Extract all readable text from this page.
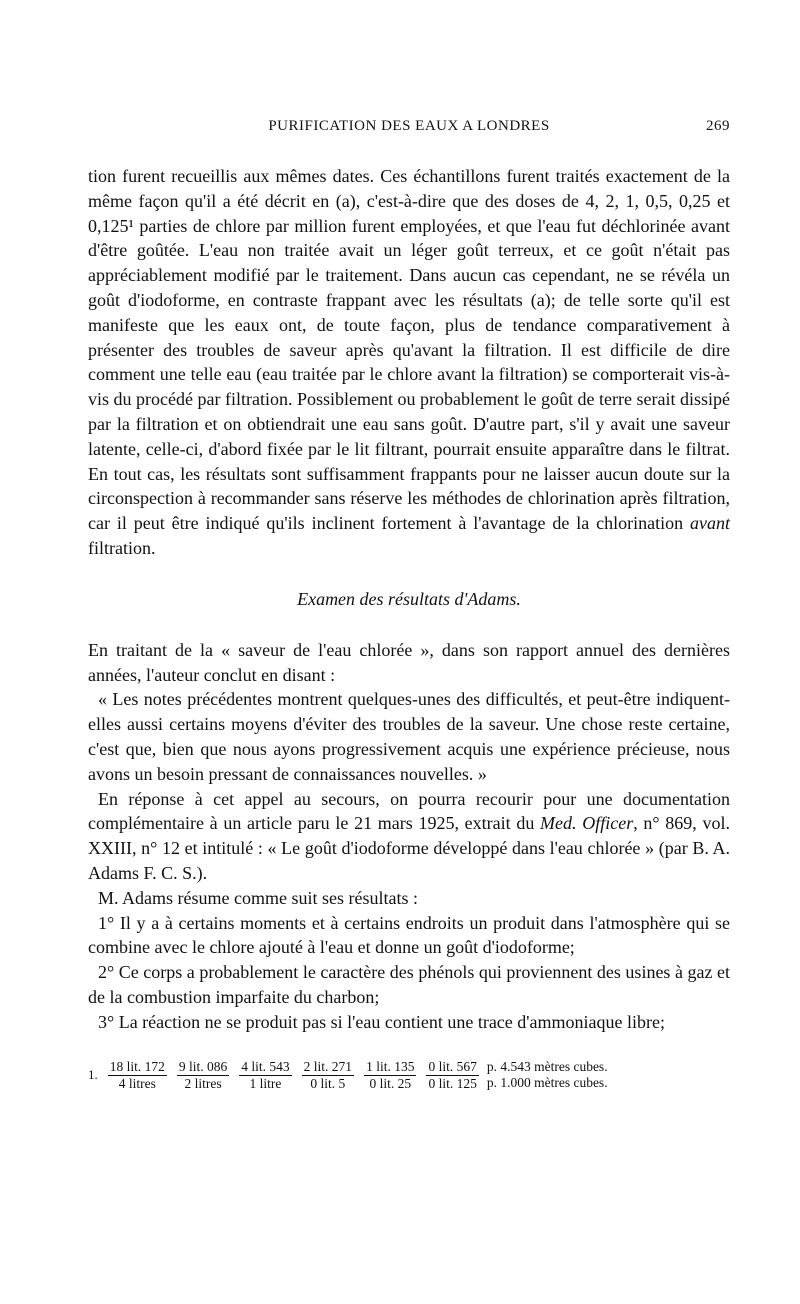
PURIFICATION DES EAUX A LONDRES	269

tion furent recueillis aux mêmes dates. Ces échantillons furent traités exactement de la même façon qu'il a été décrit en (a), c'est-à-dire que des doses de 4, 2, 1, 0,5, 0,25 et 0,125¹ parties de chlore par million furent employées, et que l'eau fut déchlorinée avant d'être goûtée. L'eau non traitée avait un léger goût terreux, et ce goût n'était pas appréciablement modifié par le traitement. Dans aucun cas cependant, ne se révéla un goût d'iodoforme, en contraste frappant avec les résultats (a); de telle sorte qu'il est manifeste que les eaux ont, de toute façon, plus de tendance comparativement à présenter des troubles de saveur après qu'avant la filtration. Il est difficile de dire comment une telle eau (eau traitée par le chlore avant la filtration) se comporterait vis-à-vis du procédé par filtration. Possiblement ou probablement le goût de terre serait dissipé par la filtration et on obtiendrait une eau sans goût. D'autre part, s'il y avait une saveur latente, celle-ci, d'abord fixée par le lit filtrant, pourrait ensuite apparaître dans le filtrat. En tout cas, les résultats sont suffisamment frappants pour ne laisser aucun doute sur la circonspection à recommander sans réserve les méthodes de chlorination après filtration, car il peut être indiqué qu'ils inclinent fortement à l'avantage de la chlorination avant filtration.

Examen des résultats d'Adams.

En traitant de la « saveur de l'eau chlorée », dans son rapport annuel des dernières années, l'auteur conclut en disant :

« Les notes précédentes montrent quelques-unes des difficultés, et peut-être indiquent-elles aussi certains moyens d'éviter des troubles de la saveur. Une chose reste certaine, c'est que, bien que nous ayons progressivement acquis une expérience précieuse, nous avons un besoin pressant de connaissances nouvelles. »

En réponse à cet appel au secours, on pourra recourir pour une documentation complémentaire à un article paru le 21 mars 1925, extrait du Med. Officer, n° 869, vol. XXIII, n° 12 et intitulé : « Le goût d'iodoforme développé dans l'eau chlorée » (par B. A. Adams F. C. S.).

M. Adams résume comme suit ses résultats :

1° Il y a à certains moments et à certains endroits un produit dans l'atmosphère qui se combine avec le chlore ajouté à l'eau et donne un goût d'iodoforme;

2° Ce corps a probablement le caractère des phénols qui proviennent des usines à gaz et de la combustion imparfaite du charbon;

3° La réaction ne se produit pas si l'eau contient une trace d'ammoniaque libre;

1. $\frac{\text{18 lit. 172}}{\text{4 litres}} \frac{\text{9 lit. 086}}{\text{2 litres}} \frac{\text{4 lit. 543}}{\text{1 litre}} \frac{\text{2 lit. 271}}{\text{0 lit. 5}} \frac{\text{1 lit. 135}}{\text{0 lit. 25}} \frac{\text{0 lit. 567}}{\text{0 lit. 125}} p$. 4.543 mètres cubes.
p. 1.000 mètres cubes.
